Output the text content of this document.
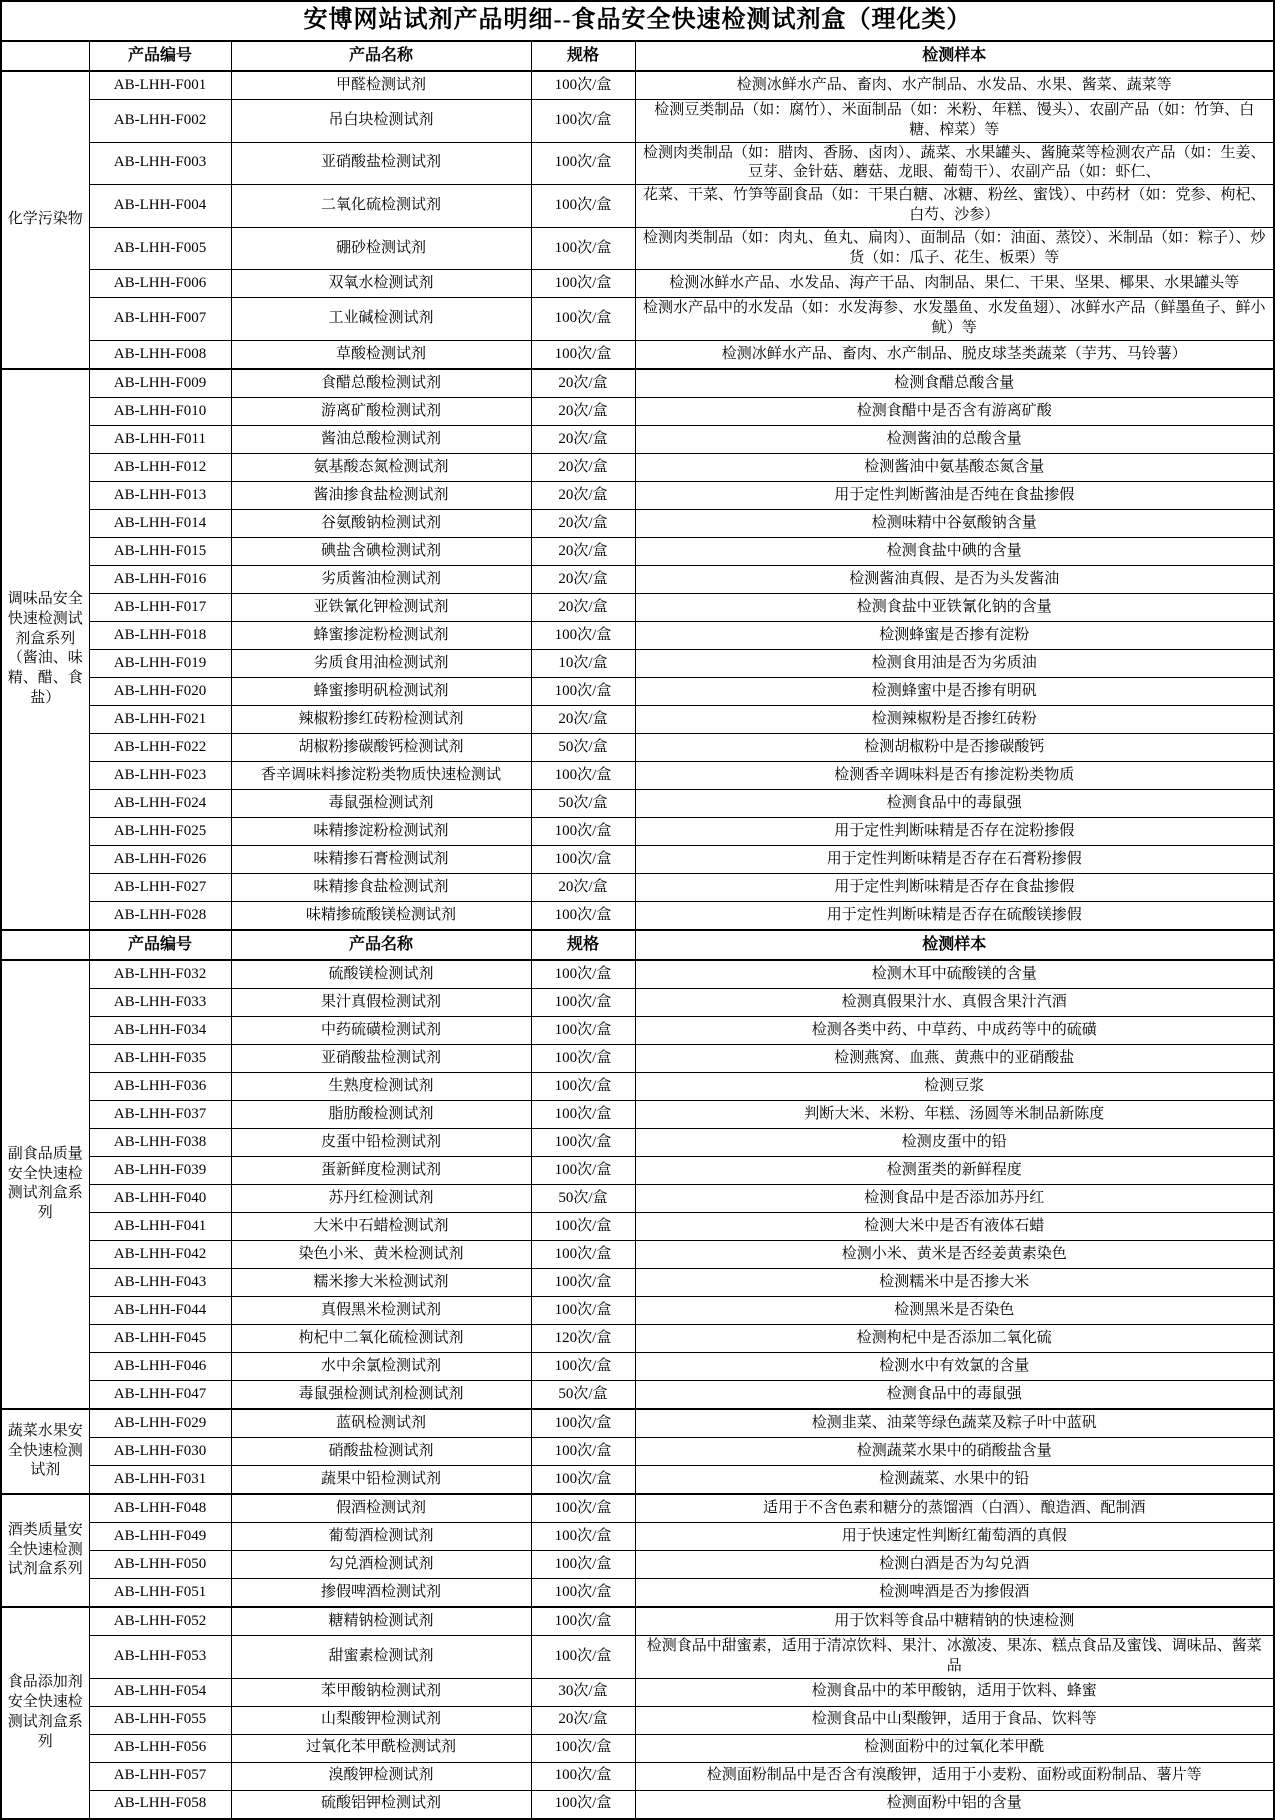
安博网站试剂产品明细--食品安全快速检测试剂盒（理化类）				
	产品编号	产品名称	规格	检测样本
化学污染物	AB-LHH-F001	甲醛检测试剂	100次/盒	检测冰鲜水产品、畜肉、水产制品、水发品、水果、酱菜、蔬菜等
	AB-LHH-F002	吊白块检测试剂	100次/盒	检测豆类制品（如：腐竹）、米面制品（如：米粉、年糕、馒头）、农副产品（如：竹笋、白糖、榨菜）等
	AB-LHH-F003	亚硝酸盐检测试剂	100次/盒	检测肉类制品（如：腊肉、香肠、卤肉）、蔬菜、水果罐头、酱腌菜等检测农产品（如：生姜、豆芽、金针菇、蘑菇、龙眼、葡萄干）、农副产品（如：虾仁、
	AB-LHH-F004	二氧化硫检测试剂	100次/盒	花菜、干菜、竹笋等副食品（如：干果白糖、冰糖、粉丝、蜜饯）、中药材（如：党参、枸杞、白芍、沙参）
	AB-LHH-F005	硼砂检测试剂	100次/盒	检测肉类制品（如：肉丸、鱼丸、扁肉）、面制品（如：油面、蒸饺）、米制品（如：粽子）、炒货（如：瓜子、花生、板栗）等
	AB-LHH-F006	双氧水检测试剂	100次/盒	检测冰鲜水产品、水发品、海产干品、肉制品、果仁、干果、坚果、椰果、水果罐头等
	AB-LHH-F007	工业碱检测试剂	100次/盒	检测水产品中的水发品（如：水发海参、水发墨鱼、水发鱼翅）、冰鲜水产品（鲜墨鱼子、鲜小鱿）等
	AB-LHH-F008	草酸检测试剂	100次/盒	检测冰鲜水产品、畜肉、水产制品、脱皮球茎类蔬菜（芋艿、马铃薯）
调味品安全快速检测试剂盒系列（酱油、味精、醋、食盐）	AB-LHH-F009	食醋总酸检测试剂	20次/盒	检测食醋总酸含量
	AB-LHH-F010	游离矿酸检测试剂	20次/盒	检测食醋中是否含有游离矿酸
	AB-LHH-F011	酱油总酸检测试剂	20次/盒	检测酱油的总酸含量
	AB-LHH-F012	氨基酸态氮检测试剂	20次/盒	检测酱油中氨基酸态氮含量
	AB-LHH-F013	酱油掺食盐检测试剂	20次/盒	用于定性判断酱油是否纯在食盐掺假
	AB-LHH-F014	谷氨酸钠检测试剂	20次/盒	检测味精中谷氨酸钠含量
	AB-LHH-F015	碘盐含碘检测试剂	20次/盒	检测食盐中碘的含量
	AB-LHH-F016	劣质酱油检测试剂	20次/盒	检测酱油真假、是否为头发酱油
	AB-LHH-F017	亚铁氰化钾检测试剂	20次/盒	检测食盐中亚铁氰化钠的含量
	AB-LHH-F018	蜂蜜掺淀粉检测试剂	100次/盒	检测蜂蜜是否掺有淀粉
	AB-LHH-F019	劣质食用油检测试剂	10次/盒	检测食用油是否为劣质油
	AB-LHH-F020	蜂蜜掺明矾检测试剂	100次/盒	检测蜂蜜中是否掺有明矾
	AB-LHH-F021	辣椒粉掺红砖粉检测试剂	20次/盒	检测辣椒粉是否掺红砖粉
	AB-LHH-F022	胡椒粉掺碳酸钙检测试剂	50次/盒	检测胡椒粉中是否掺碳酸钙
	AB-LHH-F023	香辛调味料掺淀粉类物质快速检测试	100次/盒	检测香辛调味料是否有掺淀粉类物质
	AB-LHH-F024	毒鼠强检测试剂	50次/盒	检测食品中的毒鼠强
	AB-LHH-F025	味精掺淀粉检测试剂	100次/盒	用于定性判断味精是否存在淀粉掺假
	AB-LHH-F026	味精掺石膏检测试剂	100次/盒	用于定性判断味精是否存在石膏粉掺假
	AB-LHH-F027	味精掺食盐检测试剂	20次/盒	用于定性判断味精是否存在食盐掺假
	AB-LHH-F028	味精掺硫酸镁检测试剂	100次/盒	用于定性判断味精是否存在硫酸镁掺假
	产品编号	产品名称	规格	检测样本
副食品质量安全快速检测试剂盒系列	AB-LHH-F032	硫酸镁检测试剂	100次/盒	检测木耳中硫酸镁的含量
	AB-LHH-F033	果汁真假检测试剂	100次/盒	检测真假果汁水、真假含果汁汽酒
	AB-LHH-F034	中药硫磺检测试剂	100次/盒	检测各类中药、中草药、中成药等中的硫磺
	AB-LHH-F035	亚硝酸盐检测试剂	100次/盒	检测燕窝、血燕、黄燕中的亚硝酸盐
	AB-LHH-F036	生熟度检测试剂	100次/盒	检测豆浆
	AB-LHH-F037	脂肪酸检测试剂	100次/盒	判断大米、米粉、年糕、汤圆等米制品新陈度
	AB-LHH-F038	皮蛋中铅检测试剂	100次/盒	检测皮蛋中的铅
	AB-LHH-F039	蛋新鲜度检测试剂	100次/盒	检测蛋类的新鲜程度
	AB-LHH-F040	苏丹红检测试剂	50次/盒	检测食品中是否添加苏丹红
	AB-LHH-F041	大米中石蜡检测试剂	100次/盒	检测大米中是否有液体石蜡
	AB-LHH-F042	染色小米、黄米检测试剂	100次/盒	检测小米、黄米是否经姜黄素染色
	AB-LHH-F043	糯米掺大米检测试剂	100次/盒	检测糯米中是否掺大米
	AB-LHH-F044	真假黑米检测试剂	100次/盒	检测黑米是否染色
	AB-LHH-F045	枸杞中二氧化硫检测试剂	120次/盒	检测枸杞中是否添加二氧化硫
	AB-LHH-F046	水中余氯检测试剂	100次/盒	检测水中有效氯的含量
	AB-LHH-F047	毒鼠强检测试剂检测试剂	50次/盒	检测食品中的毒鼠强
蔬菜水果安全快速检测试剂	AB-LHH-F029	蓝矾检测试剂	100次/盒	检测韭菜、油菜等绿色蔬菜及粽子叶中蓝矾
	AB-LHH-F030	硝酸盐检测试剂	100次/盒	检测蔬菜水果中的硝酸盐含量
	AB-LHH-F031	蔬果中铅检测试剂	100次/盒	检测蔬菜、水果中的铅
酒类质量安全快速检测试剂盒系列	AB-LHH-F048	假酒检测试剂	100次/盒	适用于不含色素和糖分的蒸馏酒（白酒）、酿造酒、配制酒
	AB-LHH-F049	葡萄酒检测试剂	100次/盒	用于快速定性判断红葡萄酒的真假
	AB-LHH-F050	勾兑酒检测试剂	100次/盒	检测白酒是否为勾兑酒
	AB-LHH-F051	掺假啤酒检测试剂	100次/盒	检测啤酒是否为掺假酒
食品添加剂安全快速检测试剂盒系列	AB-LHH-F052	糖精钠检测试剂	100次/盒	用于饮料等食品中糖精钠的快速检测
	AB-LHH-F053	甜蜜素检测试剂	100次/盒	检测食品中甜蜜素，适用于清凉饮料、果汁、冰激凌、果冻、糕点食品及蜜饯、调味品、酱菜品
	AB-LHH-F054	苯甲酸钠检测试剂	30次/盒	检测食品中的苯甲酸钠，适用于饮料、蜂蜜
	AB-LHH-F055	山梨酸钾检测试剂	20次/盒	检测食品中山梨酸钾，适用于食品、饮料等
	AB-LHH-F056	过氧化苯甲酰检测试剂	100次/盒	检测面粉中的过氧化苯甲酰
	AB-LHH-F057	溴酸钾检测试剂	100次/盒	检测面粉制品中是否含有溴酸钾，适用于小麦粉、面粉或面粉制品、薯片等
	AB-LHH-F058	硫酸铝钾检测试剂	100次/盒	检测面粉中铝的含量
